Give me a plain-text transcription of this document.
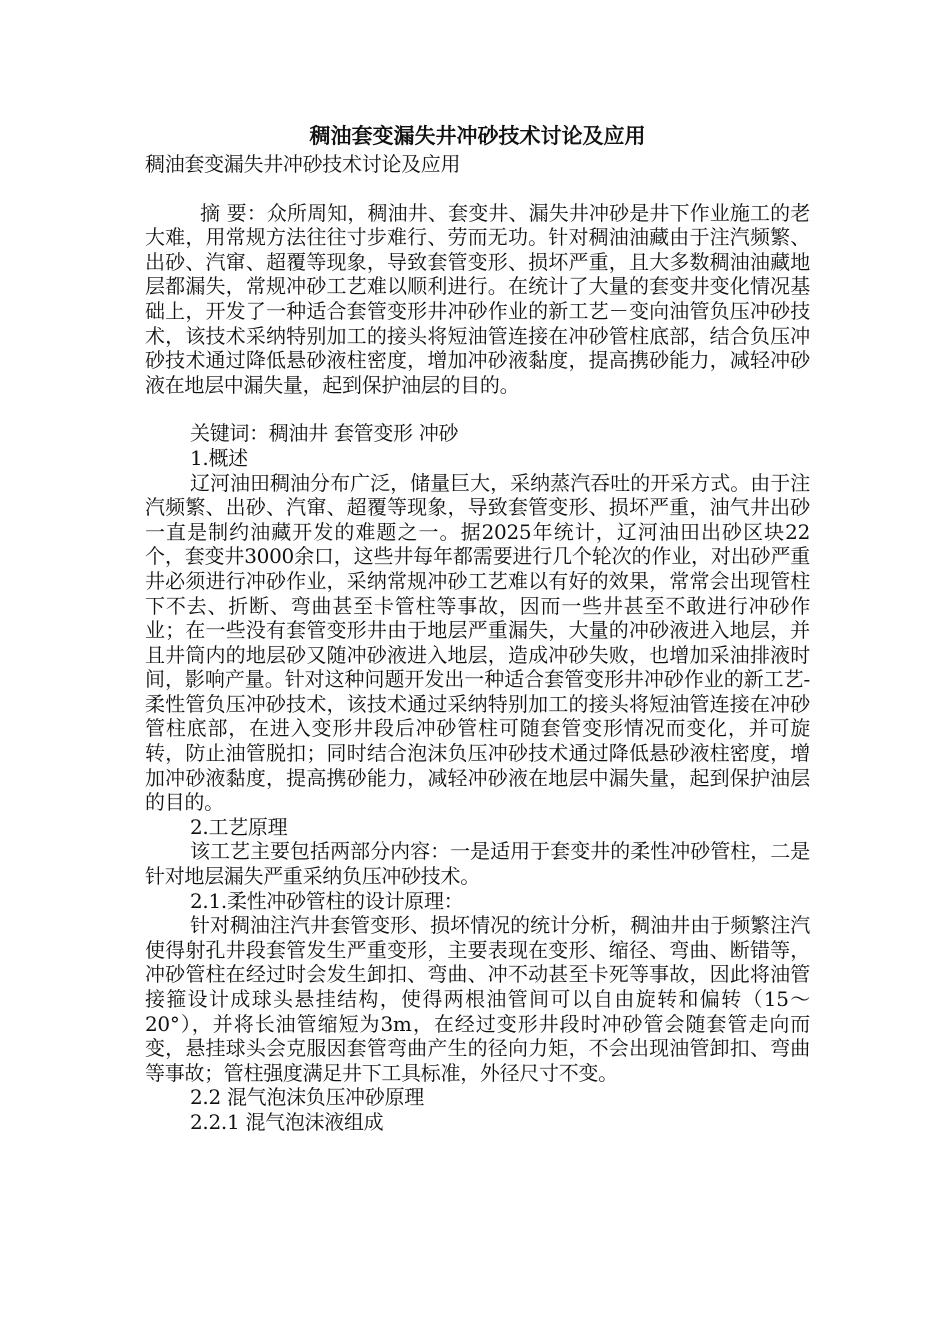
稠油套变漏失井冲砂技术讨论及应用

稠油套变漏失井冲砂技术讨论及应用

摘 要：众所周知，稠油井、套变井、漏失井冲砂是井下作业施工的老大难，用常规方法往往寸步难行、劳而无功。针对稠油油藏由于注汽频繁、出砂、汽窜、超覆等现象，导致套管变形、损坏严重，且大多数稠油油藏地层都漏失，常规冲砂工艺难以顺利进行。在统计了大量的套变井变化情况基础上，开发了一种适合套管变形井冲砂作业的新工艺－变向油管负压冲砂技术，该技术采纳特别加工的接头将短油管连接在冲砂管柱底部，结合负压冲砂技术通过降低悬砂液柱密度，增加冲砂液黏度，提高携砂能力，减轻冲砂液在地层中漏失量，起到保护油层的目的。

关键词：稠油井 套管变形 冲砂

1.概述

辽河油田稠油分布广泛，储量巨大，采纳蒸汽吞吐的开采方式。由于注汽频繁、出砂、汽窜、超覆等现象，导致套管变形、损坏严重，油气井出砂一直是制约油藏开发的难题之一。据2025年统计，辽河油田出砂区块22个，套变井3000余口，这些井每年都需要进行几个轮次的作业，对出砂严重井必须进行冲砂作业，采纳常规冲砂工艺难以有好的效果，常常会出现管柱下不去、折断、弯曲甚至卡管柱等事故，因而一些井甚至不敢进行冲砂作业；在一些没有套管变形井由于地层严重漏失，大量的冲砂液进入地层，并且井筒内的地层砂又随冲砂液进入地层，造成冲砂失败，也增加采油排液时间，影响产量。针对这种问题开发出一种适合套管变形井冲砂作业的新工艺-柔性管负压冲砂技术，该技术通过采纳特别加工的接头将短油管连接在冲砂管柱底部，在进入变形井段后冲砂管柱可随套管变形情况而变化，并可旋转，防止油管脱扣；同时结合泡沫负压冲砂技术通过降低悬砂液柱密度，增加冲砂液黏度，提高携砂能力，减轻冲砂液在地层中漏失量，起到保护油层的目的。

2.工艺原理

该工艺主要包括两部分内容：一是适用于套变井的柔性冲砂管柱，二是针对地层漏失严重采纳负压冲砂技术。

2.1.柔性冲砂管柱的设计原理：

针对稠油注汽井套管变形、损坏情况的统计分析，稠油井由于频繁注汽使得射孔井段套管发生严重变形，主要表现在变形、缩径、弯曲、断错等，冲砂管柱在经过时会发生卸扣、弯曲、冲不动甚至卡死等事故，因此将油管接箍设计成球头悬挂结构，使得两根油管间可以自由旋转和偏转（15～20°），并将长油管缩短为3m，在经过变形井段时冲砂管会随套管走向而变，悬挂球头会克服因套管弯曲产生的径向力矩，不会出现油管卸扣、弯曲等事故；管柱强度满足井下工具标准，外径尺寸不变。

2.2 混气泡沫负压冲砂原理

2.2.1 混气泡沫液组成
